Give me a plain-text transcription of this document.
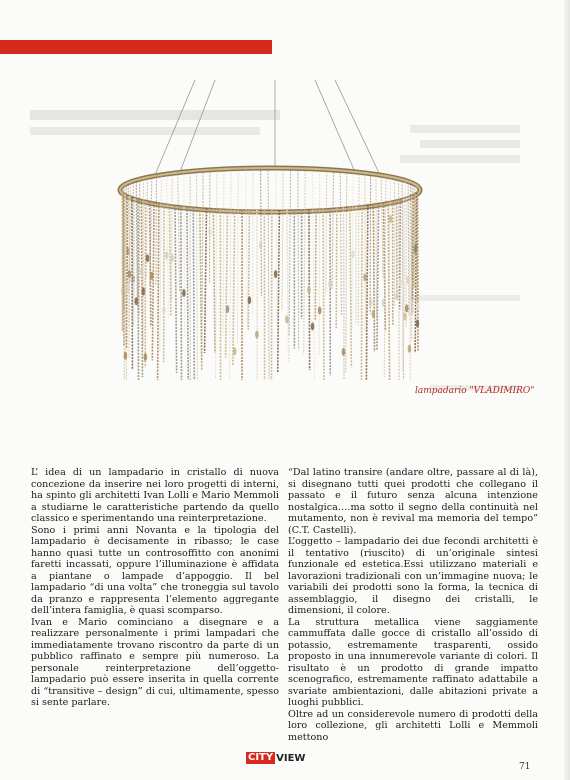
lampadario "VLADIMIRO"

L’ idea di un lampadario in cristallo di nuova concezione da inserire nei loro progetti di interni, ha spinto gli architetti Ivan Lolli e Mario Memmoli a studiarne le caratteristiche partendo da quello classico e sperimentando una reinterpretazione.

Sono i primi anni Novanta e la tipologia del lampadario è decisamente in ribasso; le case hanno quasi tutte un controsoffitto con anonimi faretti incassati, oppure l’illuminazione è affidata a piantane o lampade d’appoggio. Il bel lampadario “di una volta” che troneggia sul tavolo da pranzo e rappresenta l’elemento aggregante dell’intera famiglia, è quasi scomparso.

Ivan e Mario cominciano a disegnare e a realizzare personalmente i primi lampadari che immediatamente trovano riscontro da parte di un pubblico raffinato e sempre più numeroso. La personale reinterpretazione dell’oggetto-lampadario può essere inserita in quella corrente di “transitive – design” di cui, ultimamente, spesso si sente parlare.

“Dal latino transire (andare oltre, passare al di là), si disegnano tutti quei prodotti che collegano il passato e il futuro senza alcuna intenzione nostalgica….ma sotto il segno della continuità nel mutamento, non è revival ma memoria del tempo” (C.T. Castelli).

L’oggetto – lampadario dei due fecondi architetti è il tentativo (riuscito) di un’originale sintesi funzionale ed estetica.Essi utilizzano materiali e lavorazioni tradizionali con un’immagine nuova; le variabili dei prodotti sono la forma, la tecnica di assemblaggio, il disegno dei cristalli, le dimensioni, il colore.

La struttura metallica viene saggiamente cammuffata dalle gocce di cristallo all’ossido di potassio, estremamente trasparenti, ossido proposto in una innumerevole variante di colori. Il risultato è un prodotto di grande impatto scenografico, estremamente raffinato adattabile a svariate ambientazioni, dalle abitazioni private a luoghi pubblici.

Oltre ad un considerevole numero di prodotti della loro collezione, gli architetti Lolli e Memmoli mettono

CITY VIEW
71
